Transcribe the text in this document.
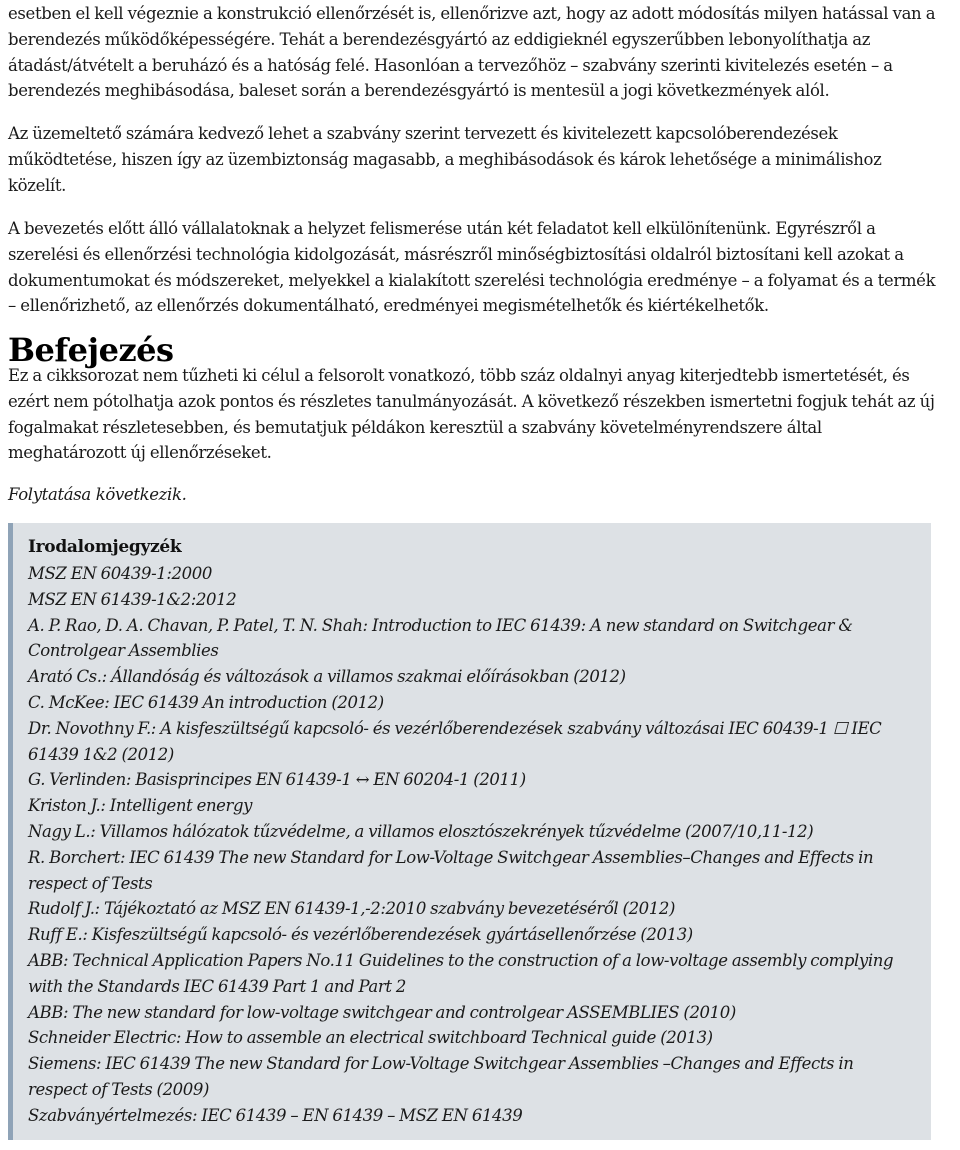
esetben el kell végeznie a konstrukció ellenőrzését is, ellenőrizve azt, hogy az adott módosítás milyen hatással van a berendezés működőképességére. Tehát a berendezésgyártó az eddigieknél egyszerűbben lebonyolíthatja az átadást/átvételt a beruházó és a hatóság felé. Hasonlóan a tervezőhöz – szabvány szerinti kivitelezés esetén – a berendezés meghibásodása, baleset során a berendezésgyártó is mentesül a jogi következmények alól.

Az üzemeltető számára kedvező lehet a szabvány szerint tervezett és kivitelezett kapcsolóberendezések működtetése, hiszen így az üzembiztonság magasabb, a meghibásodások és károk lehetősége a minimálishoz közelít.

A bevezetés előtt álló vállalatoknak a helyzet felismerése után két feladatot kell elkülönítenünk. Egyrészről a szerelési és ellenőrzési technológia kidolgozását, másrészről minőségbiztosítási oldalról biztosítani kell azokat a dokumentumokat és módszereket, melyekkel a kialakított szerelési technológia eredménye – a folyamat és a termék – ellenőrizhető, az ellenőrzés dokumentálható, eredményei megismételhetők és kiértékelhetők.

Befejezés

Ez a cikksorozat nem tűzheti ki célul a felsorolt vonatkozó, több száz oldalnyi anyag kiterjedtebb ismertetését, és ezért nem pótolhatja azok pontos és részletes tanulmányozását. A következő részekben ismertetni fogjuk tehát az új fogalmakat részletesebben, és bemutatjuk példákon keresztül a szabvány követelményrendszere által meghatározott új ellenőrzéseket.

Folytatása következik.

Irodalomjegyzék

MSZ EN 60439-1:2000
MSZ EN 61439-1&2:2012
A. P. Rao, D. A. Chavan, P. Patel, T. N. Shah: Introduction to IEC 61439: A new standard on Switchgear & Controlgear Assemblies
Arató Cs.: Állandóság és változások a villamos szakmai előírásokban (2012)
C. McKee: IEC 61439 An introduction (2012)
Dr. Novothny F.: A kisfeszültségű kapcsoló- és vezérlőberendezések szabvány változásai IEC 60439-1 ☐ IEC 61439 1&2 (2012)
G. Verlinden: Basisprincipes EN 61439-1 ↔ EN 60204-1 (2011)
Kriston J.: Intelligent energy
Nagy L.: Villamos hálózatok tűzvédelme, a villamos elosztószekrények tűzvédelme (2007/10,11-12)
R. Borchert: IEC 61439 The new Standard for Low-Voltage Switchgear Assemblies–Changes and Effects in respect of Tests
Rudolf J.: Tájékoztató az MSZ EN 61439-1,-2:2010 szabvány bevezetéséről (2012)
Ruff E.: Kisfeszültségű kapcsoló- és vezérlőberendezések gyártásellenőrzése (2013)
ABB: Technical Application Papers No.11 Guidelines to the construction of a low-voltage assembly complying with the Standards IEC 61439 Part 1 and Part 2
ABB: The new standard for low-voltage switchgear and controlgear ASSEMBLIES (2010)
Schneider Electric: How to assemble an electrical switchboard Technical guide (2013)
Siemens: IEC 61439 The new Standard for Low-Voltage Switchgear Assemblies –Changes and Effects in respect of Tests (2009)
Szabványértelmezés: IEC 61439 – EN 61439 – MSZ EN 61439
